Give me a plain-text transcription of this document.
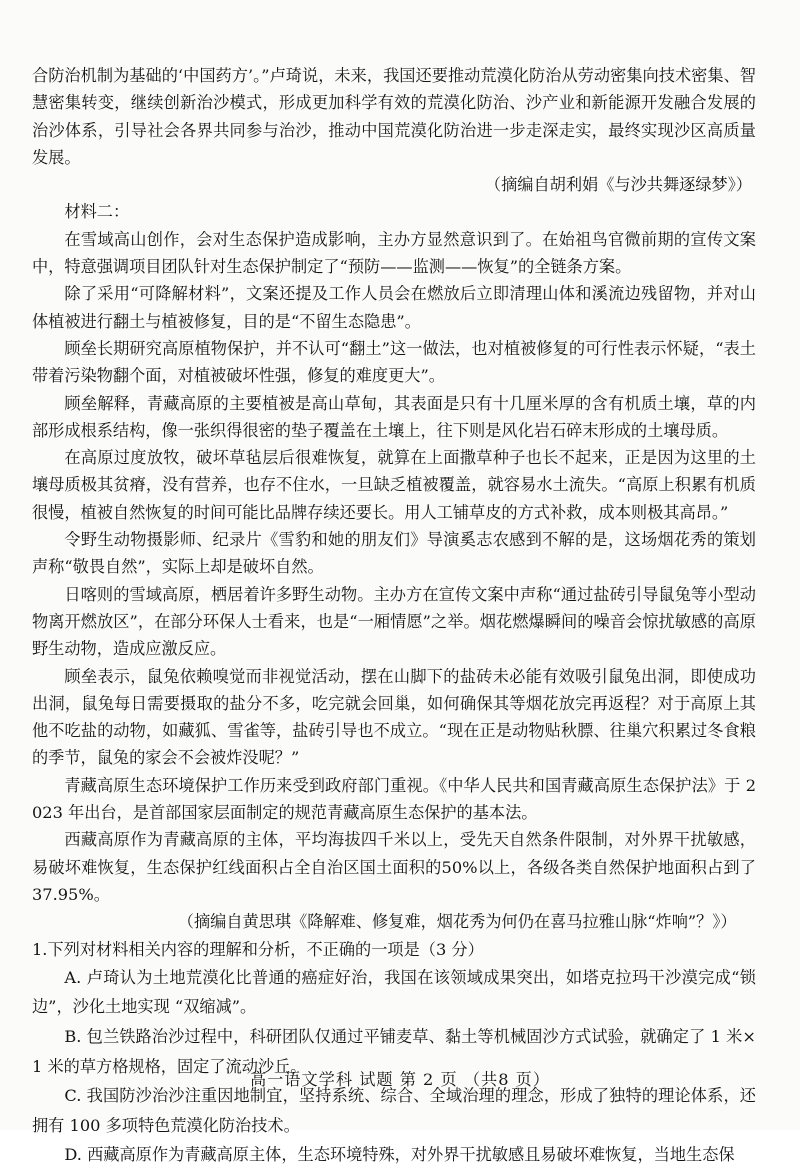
合防治机制为基础的‘中国药方’。”卢琦说，未来，我国还要推动荒漠化防治从劳动密集向技术密集、智慧密集转变，继续创新治沙模式，形成更加科学有效的荒漠化防治、沙产业和新能源开发融合发展的治沙体系，引导社会各界共同参与治沙，推动中国荒漠化防治进一步走深走实，最终实现沙区高质量发展。

（摘编自胡利娟《与沙共舞逐绿梦》）

材料二：

在雪域高山创作，会对生态保护造成影响，主办方显然意识到了。在始祖鸟官微前期的宣传文案中，特意强调项目团队针对生态保护制定了“预防——监测——恢复”的全链条方案。

除了采用“可降解材料”，文案还提及工作人员会在燃放后立即清理山体和溪流边残留物，并对山体植被进行翻土与植被修复，目的是“不留生态隐患”。

顾垒长期研究高原植物保护，并不认可“翻土”这一做法，也对植被修复的可行性表示怀疑，“表土带着污染物翻个面，对植被破坏性强，修复的难度更大”。

顾垒解释，青藏高原的主要植被是高山草甸，其表面是只有十几厘米厚的含有机质土壤，草的内部形成根系结构，像一张织得很密的垫子覆盖在土壤上，往下则是风化岩石碎末形成的土壤母质。

在高原过度放牧，破坏草毡层后很难恢复，就算在上面撒草种子也长不起来，正是因为这里的土壤母质极其贫瘠，没有营养，也存不住水，一旦缺乏植被覆盖，就容易水土流失。“高原上积累有机质很慢，植被自然恢复的时间可能比品牌存续还要长。用人工铺草皮的方式补救，成本则极其高昂。”

令野生动物摄影师、纪录片《雪豹和她的朋友们》导演奚志农感到不解的是，这场烟花秀的策划声称“敬畏自然”，实际上却是破坏自然。

日喀则的雪域高原，栖居着许多野生动物。主办方在宣传文案中声称“通过盐砖引导鼠兔等小型动物离开燃放区”，在部分环保人士看来，也是“一厢情愿”之举。烟花燃爆瞬间的噪音会惊扰敏感的高原野生动物，造成应激反应。

顾垒表示，鼠兔依赖嗅觉而非视觉活动，摆在山脚下的盐砖未必能有效吸引鼠兔出洞，即使成功出洞，鼠兔每日需要摄取的盐分不多，吃完就会回巢，如何确保其等烟花放完再返程？对于高原上其他不吃盐的动物，如藏狐、雪雀等，盐砖引导也不成立。“现在正是动物贴秋膘、往巢穴积累过冬食粮的季节，鼠兔的家会不会被炸没呢？”

青藏高原生态环境保护工作历来受到政府部门重视。《中华人民共和国青藏高原生态保护法》于 2023 年出台，是首部国家层面制定的规范青藏高原生态保护的基本法。

西藏高原作为青藏高原的主体，平均海拔四千米以上，受先天自然条件限制，对外界干扰敏感，易破坏难恢复，生态保护红线面积占全自治区国土面积的50%以上，各级各类自然保护地面积占到了 37.95%。

（摘编自黄思琪《降解难、修复难，烟花秀为何仍在喜马拉雅山脉“炸响”？》）

1.下列对材料相关内容的理解和分析，不正确的一项是（3 分）

A. 卢琦认为土地荒漠化比普通的癌症好治，我国在该领域成果突出，如塔克拉玛干沙漠完成“锁边”，沙化土地实现 “双缩减”。

B. 包兰铁路治沙过程中，科研团队仅通过平铺麦草、黏土等机械固沙方式试验，就确定了 1 米×1 米的草方格规格，固定了流动沙丘。

C. 我国防沙治沙注重因地制宜，坚持系统、综合、全域治理的理念，形成了独特的理论体系，还拥有 100 多项特色荒漠化防治技术。

D. 西藏高原作为青藏高原主体，生态环境特殊，对外界干扰敏感且易破坏难恢复，当地生态保

高一语文学科 试题 第 2 页 （共8 页）
